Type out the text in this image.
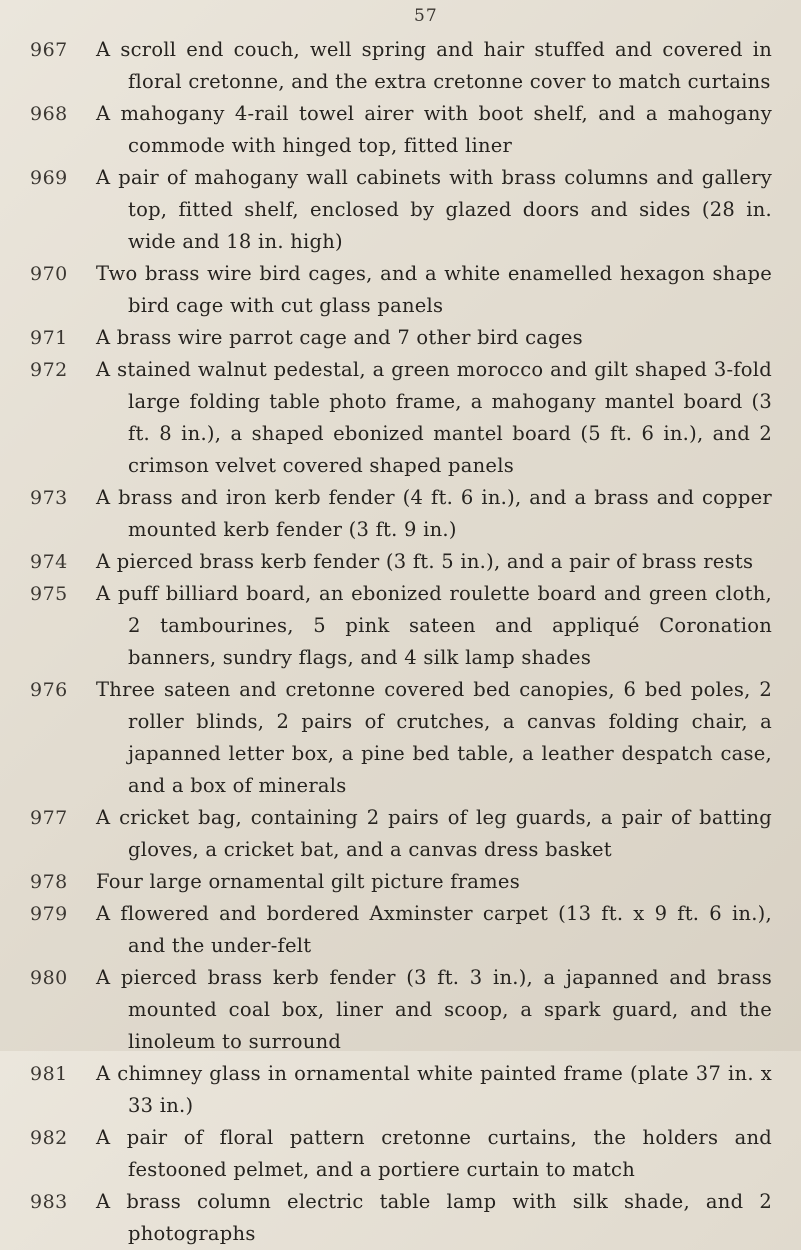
57
967	A scroll end couch, well spring and hair stuffed and covered in floral cretonne, and the extra cretonne cover to match curtains
968	A mahogany 4-rail towel airer with boot shelf, and a mahogany commode with hinged top, fitted liner
969	A pair of mahogany wall cabinets with brass columns and gallery top, fitted shelf, enclosed by glazed doors and sides (28 in. wide and 18 in. high)
970	Two brass wire bird cages, and a white enamelled hexagon shape bird cage with cut glass panels
971	A brass wire parrot cage and 7 other bird cages
972	A stained walnut pedestal, a green morocco and gilt shaped 3-fold large folding table photo frame, a mahogany mantel board (3 ft. 8 in.), a shaped ebonized mantel board (5 ft. 6 in.), and 2 crimson velvet covered shaped panels
973	A brass and iron kerb fender (4 ft. 6 in.), and a brass and copper mounted kerb fender (3 ft. 9 in.)
974	A pierced brass kerb fender (3 ft. 5 in.), and a pair of brass rests
975	A puff billiard board, an ebonized roulette board and green cloth, 2 tambourines, 5 pink sateen and appliqué Coronation banners, sundry flags, and 4 silk lamp shades
976	Three sateen and cretonne covered bed canopies, 6 bed poles, 2 roller blinds, 2 pairs of crutches, a canvas folding chair, a japanned letter box, a pine bed table, a leather despatch case, and a box of minerals
977	A cricket bag, containing 2 pairs of leg guards, a pair of batting gloves, a cricket bat, and a canvas dress basket
978	Four large ornamental gilt picture frames
979	A flowered and bordered Axminster carpet (13 ft. x 9 ft. 6 in.), and the under-felt
980	A pierced brass kerb fender (3 ft. 3 in.), a japanned and brass mounted coal box, liner and scoop, a spark guard, and the linoleum to surround
981	A chimney glass in ornamental white painted frame (plate 37 in. x 33 in.)
982	A pair of floral pattern cretonne curtains, the holders and festooned pelmet, and a portiere curtain to match
983	A brass column electric table lamp with silk shade, and 2 photographs
